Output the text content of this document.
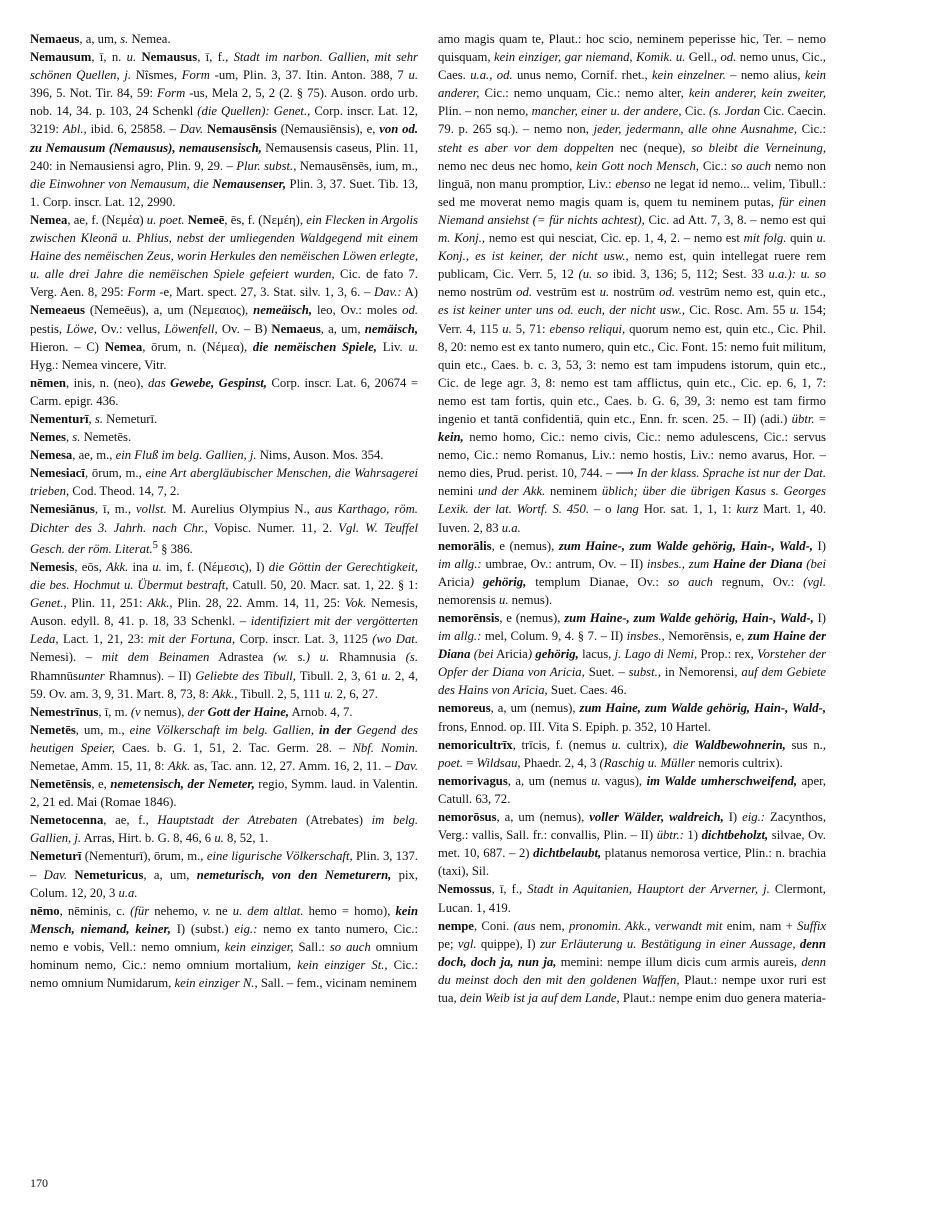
Nemaeus, a, um, s. Nemea.

Nemausum, ī, n. u. Nemausus, ī, f., Stadt im narbon. Gallien, mit sehr schönen Quellen, j. Nîsmes, Form -um, Plin. 3, 37. Itin. Anton. 388, 7 u. 396, 5. Not. Tir. 84, 59: Form -us, Mela 2, 5, 2 (2. § 75). Auson. ordo urb. nob. 14, 34. p. 103, 24 Schenkl (die Quellen): Genet., Corp. inscr. Lat. 12, 3219: Abl., ibid. 6, 25858. – Dav. Nemausēnsis (Nemausiēnsis), e, von od. zu Nemausum (Nemausus), nemausensisch, Nemausensis caseus, Plin. 11, 240: in Nemausiensi agro, Plin. 9, 29. – Plur. subst., Nemausēnsēs, ium, m., die Einwohner von Nemausum, die Nemausenser, Plin. 3, 37. Suet. Tib. 13, 1. Corp. inscr. Lat. 12, 2990.

Nemea, ae, f. (Νεμέα) u. poet. Nemeē, ēs, f. (Νεμέη), ein Flecken in Argolis zwischen Kleonä u. Phlius, nebst der umliegenden Waldgegend mit einem Haine des nemëischen Zeus, worin Herkules den nemëischen Löwen erlegte, u. alle drei Jahre die nemëischen Spiele gefeiert wurden, Cic. de fato 7. Verg. Aen. 8, 295: Form -e, Mart. spect. 27, 3. Stat. silv. 1, 3, 6. – Dav.: A) Nemeaeus (Nemeēus), a, um (Νεμεαιος), nemeäisch, leo, Ov.: moles od. pestis, Löwe, Ov.: vellus, Löwenfell, Ov. – B) Nemaeus, a, um, nemäisch, Hieron. – C) Nemea, ōrum, n. (Νέμεα), die nemëischen Spiele, Liv. u. Hyg.: Nemea vincere, Vitr.

nēmen, inis, n. (neo), das Gewebe, Gespinst, Corp. inscr. Lat. 6, 20674 = Carm. epigr. 436.

Nementurī, s. Nemeturī.

Nemes, s. Nemetēs.

Nemesa, ae, m., ein Fluß im belg. Gallien, j. Nims, Auson. Mos. 354.

Nemesiacī, ōrum, m., eine Art abergläubischer Menschen, die Wahrsagerei trieben, Cod. Theod. 14, 7, 2.

Nemesiānus, ī, m., vollst. M. Aurelius Olympius N., aus Karthago, röm. Dichter des 3. Jahrh. nach Chr., Vopisc. Numer. 11, 2. Vgl. W. Teuffel Gesch. der röm. Literat.$^5$ § 386.

Nemesis, eōs, Akk. ina u. im, f. (Νέμεσις), I) die Göttin der Gerechtigkeit, die bes. Hochmut u. Übermut bestraft, Catull. 50, 20. Macr. sat. 1, 22. § 1: Genet., Plin. 11, 251: Akk., Plin. 28, 22. Amm. 14, 11, 25: Vok. Nemesis, Auson. edyll. 8, 41. p. 18, 33 Schenkl. – identifiziert mit der vergötterten Leda, Lact. 1, 21, 23: mit der Fortuna, Corp. inscr. Lat. 3, 1125 (wo Dat. Nemesi). – mit dem Beinamen Adrastea (w. s.) u. Rhamnusia (s. Rhamnūsunter Rhamnus). – II) Geliebte des Tibull, Tibull. 2, 3, 61 u. 2, 4, 59. Ov. am. 3, 9, 31. Mart. 8, 73, 8: Akk., Tibull. 2, 5, 111 u. 2, 6, 27.

Nemestrīnus, ī, m. (v nemus), der Gott der Haine, Arnob. 4, 7.

Nemetēs, um, m., eine Völkerschaft im belg. Gallien, in der Gegend des heutigen Speier, Caes. b. G. 1, 51, 2. Tac. Germ. 28. – Nbf. Nomin. Nemetae, Amm. 15, 11, 8: Akk. as, Tac. ann. 12, 27. Amm. 16, 2, 11. – Dav. Nemetēnsis, e, nemetensisch, der Nemeter, regio, Symm. laud. in Valentin. 2, 21 ed. Mai (Romae 1846).

Nemetocenna, ae, f., Hauptstadt der Atrebaten (Atrebates) im belg. Gallien, j. Arras, Hirt. b. G. 8, 46, 6 u. 8, 52, 1.

Nemeturī (Nementurī), ōrum, m., eine ligurische Völkerschaft, Plin. 3, 137. – Dav. Nemeturicus, a, um, nemeturisch, von den Nemeturern, pix, Colum. 12, 20, 3 u.a.

nēmo, nēminis, c. (für nehemo, v. ne u. dem altlat. hemo = homo), kein Mensch, niemand, keiner, I) (subst.) eig.: nemo ex tanto numero, Cic.: nemo e vobis, Vell.: nemo omnium, kein einziger, Sall.: so auch omnium hominum nemo, Cic.: nemo omnium mortalium, kein einziger St., Cic.: nemo omnium Numidarum, kein einziger N., Sall. – fem., vicinam neminem

amo magis quam te, Plaut.: hoc scio, neminem peperisse hic, Ter. – nemo quisquam, kein einziger, gar niemand, Komik. u. Gell., od. nemo unus, Cic., Caes. u.a., od. unus nemo, Cornif. rhet., kein einzelner. – nemo alius, kein anderer, Cic.: nemo unquam, Cic.: nemo alter, kein anderer, kein zweiter, Plin. – non nemo, mancher, einer u. der andere, Cic. (s. Jordan Cic. Caecin. 79. p. 265 sq.). – nemo non, jeder, jedermann, alle ohne Ausnahme, Cic.: steht es aber vor dem doppelten nec (neque), so bleibt die Verneinung, nemo nec deus nec homo, kein Gott noch Mensch, Cic.: so auch nemo non linguā, non manu promptior, Liv.: ebenso ne legat id nemo... velim, Tibull.: sed me moverat nemo magis quam is, quem tu neminem putas, für einen Niemand ansiehst (= für nichts achtest), Cic. ad Att. 7, 3, 8. – nemo est qui m. Konj., nemo est qui nesciat, Cic. ep. 1, 4, 2. – nemo est mit folg. quin u. Konj., es ist keiner, der nicht usw., nemo est, quin intellegat ruere rem publicam, Cic. Verr. 5, 12 (u. so ibid. 3, 136; 5, 112; Sest. 33 u.a.): u. so nemo nostrūm od. vestrūm est u. nostrūm od. vestrūm nemo est, quin etc., es ist keiner unter uns od. euch, der nicht usw., Cic. Rosc. Am. 55 u. 154; Verr. 4, 115 u. 5, 71: ebenso reliqui, quorum nemo est, quin etc., Cic. Phil. 8, 20: nemo est ex tanto numero, quin etc., Cic. Font. 15: nemo fuit militum, quin etc., Caes. b. c. 3, 53, 3: nemo est tam impudens istorum, quin etc., Cic. de lege agr. 3, 8: nemo est tam afflictus, quin etc., Cic. ep. 6, 1, 7: nemo est tam fortis, quin etc., Caes. b. G. 6, 39, 3: nemo est tam firmo ingenio et tantā confidentiā, quin etc., Enn. fr. scen. 25. – II) (adi.) übtr. = kein, nemo homo, Cic.: nemo civis, Cic.: nemo adulescens, Cic.: servus nemo, Cic.: nemo Romanus, Liv.: nemo hostis, Liv.: nemo avarus, Hor. – nemo dies, Prud. perist. 10, 744. – ⟶ In der klass. Sprache ist nur der Dat. nemini und der Akk. neminem üblich; über die übrigen Kasus s. Georges Lexik. der lat. Wortf. S. 450. – o lang Hor. sat. 1, 1, 1: kurz Mart. 1, 40. Iuven. 2, 83 u.a.

nemorālis, e (nemus), zum Haine-, zum Walde gehörig, Hain-, Wald-, I) im allg.: umbrae, Ov.: antrum, Ov. – II) insbes., zum Haine der Diana (bei Aricia) gehörig, templum Dianae, Ov.: so auch regnum, Ov.: (vgl. nemorensis u. nemus).

nemorēnsis, e (nemus), zum Haine-, zum Walde gehörig, Hain-, Wald-, I) im allg.: mel, Colum. 9, 4. § 7. – II) insbes., Nemorēnsis, e, zum Haine der Diana (bei Aricia) gehörig, lacus, j. Lago di Nemi, Prop.: rex, Vorsteher der Opfer der Diana von Aricia, Suet. – subst., in Nemorensi, auf dem Gebiete des Hains von Aricia, Suet. Caes. 46.

nemoreus, a, um (nemus), zum Haine, zum Walde gehörig, Hain-, Wald-, frons, Ennod. op. III. Vita S. Epiph. p. 352, 10 Hartel.

nemoricultrīx, trīcis, f. (nemus u. cultrix), die Waldbewohnerin, sus n., poet. = Wildsau, Phaedr. 2, 4, 3 (Raschig u. Müller nemoris cultrix).

nemorivagus, a, um (nemus u. vagus), im Walde umherschweifend, aper, Catull. 63, 72.

nemorōsus, a, um (nemus), voller Wälder, waldreich, I) eig.: Zacynthos, Verg.: vallis, Sall. fr.: convallis, Plin. – II) übtr.: 1) dichtbeholzt, silvae, Ov. met. 10, 687. – 2) dichtbelaubt, platanus nemorosa vertice, Plin.: n. brachia (taxi), Sil.

Nemossus, ī, f., Stadt in Aquitanien, Hauptort der Arverner, j. Clermont, Lucan. 1, 419.

nempe, Coni. (aus nem, pronomin. Akk., verwandt mit enim, nam + Suffix pe; vgl. quippe), I) zur Erläuterung u. Bestätigung in einer Aussage, denn doch, doch ja, nun ja, memini: nempe illum dicis cum armis aureis, denn du meinst doch den mit den goldenen Waffen, Plaut.: nempe uxor ruri est tua, dein Weib ist ja auf dem Lande, Plaut.: nempe enim duo genera materia-

170
